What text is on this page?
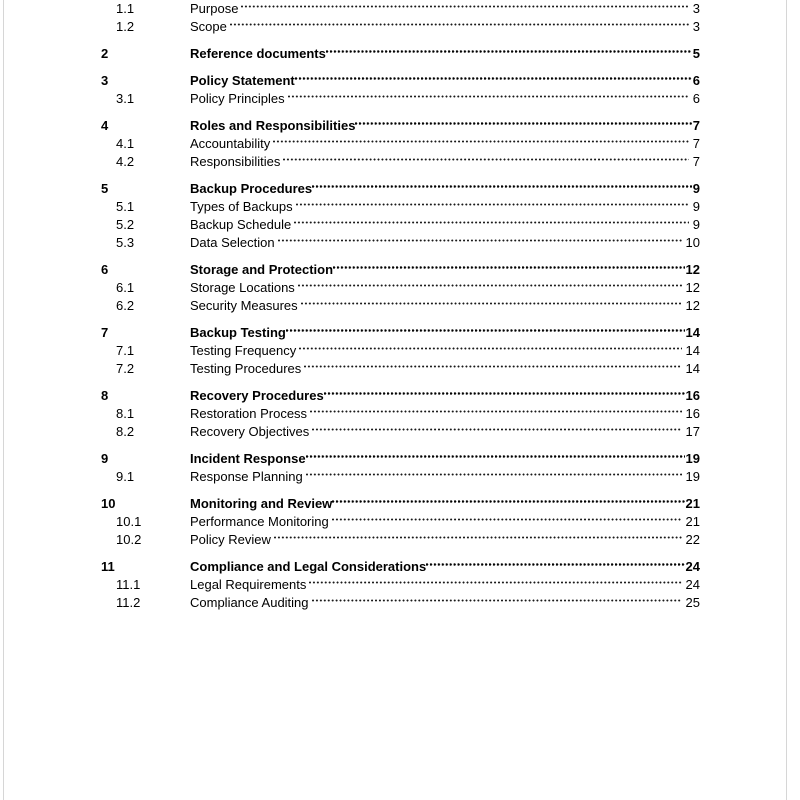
1.1	Purpose	3
1.2	Scope	3
2	Reference documents	5
3	Policy Statement	6
3.1	Policy Principles	6
4	Roles and Responsibilities	7
4.1	Accountability	7
4.2	Responsibilities	7
5	Backup Procedures	9
5.1	Types of Backups	9
5.2	Backup Schedule	9
5.3	Data Selection	10
6	Storage and Protection	12
6.1	Storage Locations	12
6.2	Security Measures	12
7	Backup Testing	14
7.1	Testing Frequency	14
7.2	Testing Procedures	14
8	Recovery Procedures	16
8.1	Restoration Process	16
8.2	Recovery Objectives	17
9	Incident Response	19
9.1	Response Planning	19
10	Monitoring and Review	21
10.1	Performance Monitoring	21
10.2	Policy Review	22
11	Compliance and Legal Considerations	24
11.1	Legal Requirements	24
11.2	Compliance Auditing	25
